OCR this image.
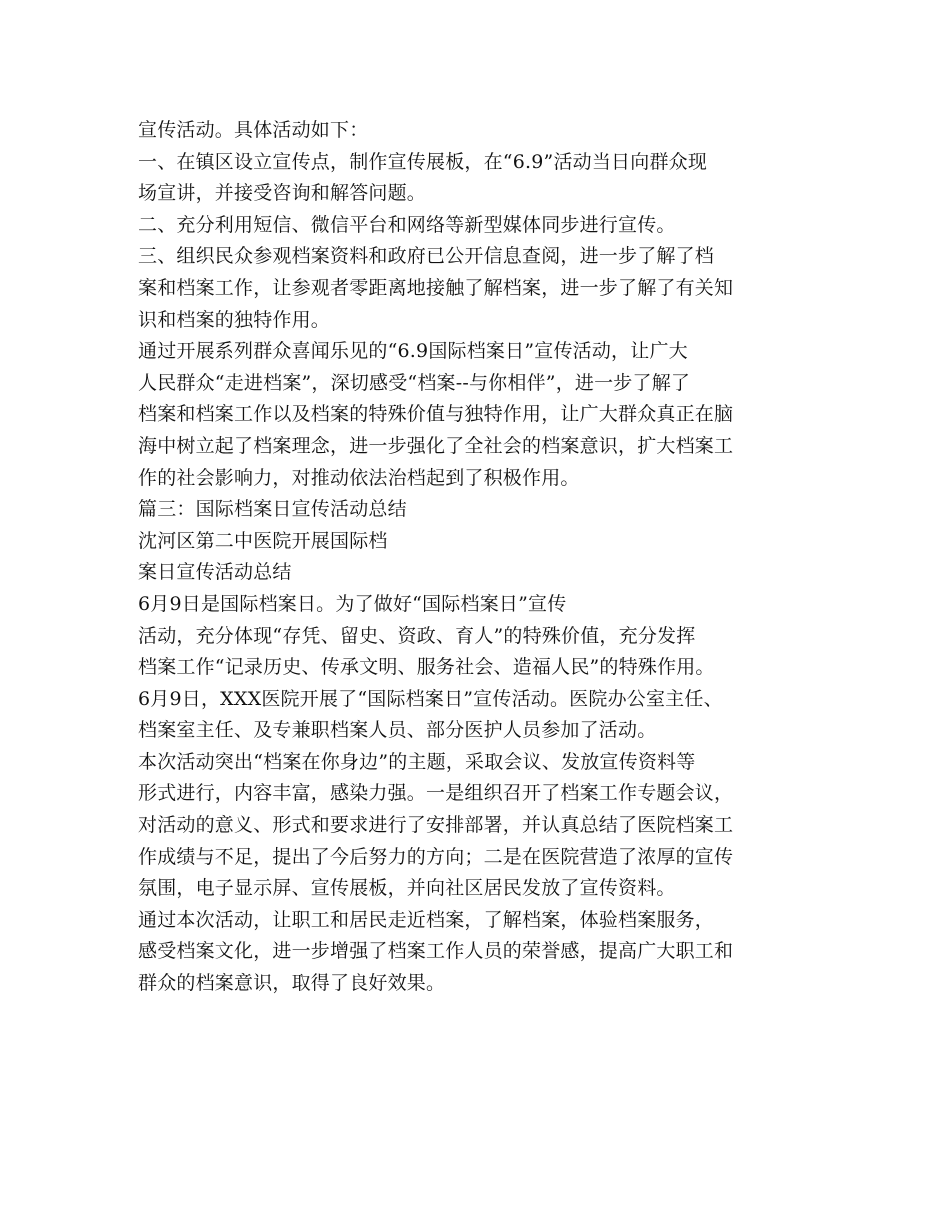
宣传活动。具体活动如下：
一、在镇区设立宣传点，制作宣传展板，在“6.9”活动当日向群众现
场宣讲，并接受咨询和解答问题。
二、充分利用短信、微信平台和网络等新型媒体同步进行宣传。
三、组织民众参观档案资料和政府已公开信息查阅，进一步了解了档
案和档案工作，让参观者零距离地接触了解档案，进一步了解了有关知
识和档案的独特作用。
通过开展系列群众喜闻乐见的“6.9国际档案日”宣传活动，让广大
人民群众“走进档案”，深切感受“档案--与你相伴”，进一步了解了
档案和档案工作以及档案的特殊价值与独特作用，让广大群众真正在脑
海中树立起了档案理念，进一步强化了全社会的档案意识，扩大档案工
作的社会影响力，对推动依法治档起到了积极作用。
篇三：国际档案日宣传活动总结
沈河区第二中医院开展国际档
案日宣传活动总结
6月9日是国际档案日。为了做好“国际档案日”宣传
活动，充分体现“存凭、留史、资政、育人”的特殊价值，充分发挥
档案工作“记录历史、传承文明、服务社会、造福人民”的特殊作用。
6月9日，XXX医院开展了“国际档案日”宣传活动。医院办公室主任、
档案室主任、及专兼职档案人员、部分医护人员参加了活动。
本次活动突出“档案在你身边”的主题，采取会议、发放宣传资料等
形式进行，内容丰富，感染力强。一是组织召开了档案工作专题会议，
对活动的意义、形式和要求进行了安排部署，并认真总结了医院档案工
作成绩与不足，提出了今后努力的方向；二是在医院营造了浓厚的宣传
氛围，电子显示屏、宣传展板，并向社区居民发放了宣传资料。
通过本次活动，让职工和居民走近档案，了解档案，体验档案服务，
感受档案文化，进一步增强了档案工作人员的荣誉感，提高广大职工和
群众的档案意识，取得了良好效果。
